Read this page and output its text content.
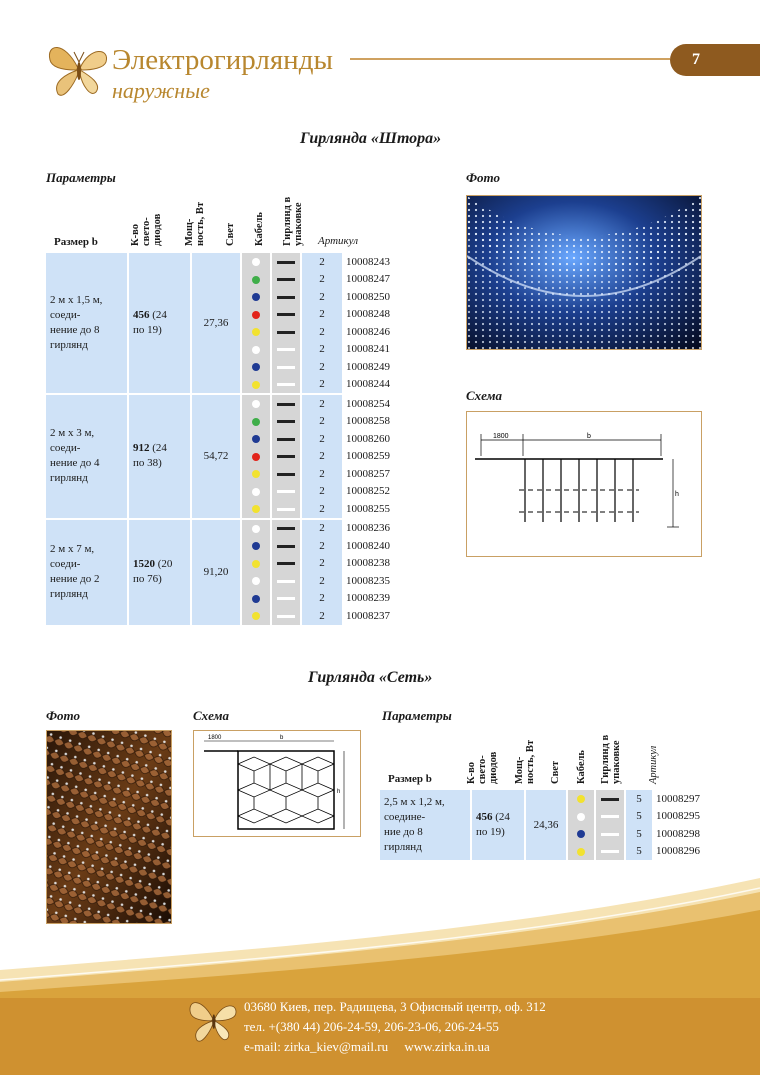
Электрогирлянды
наружные
7
Гирлянда «Штора»
Параметры
Размер b	К-во
свето-
диодов Мощ-
ность, Вт Свет Кабель Гирлянд в
упаковке Артикул
2 м х 1,5 м,
соеди-
нение до 8
гирлянд	456 (24
по 19)	27,36			2	10008243
					2	10008247
					2	10008250
					2	10008248
					2	10008246
					2	10008241
					2	10008249
					2	10008244
2 м х 3 м,
соеди-
нение до 4
гирлянд	912 (24
по 38)	54,72			2	10008254
					2	10008258
					2	10008260
					2	10008259
					2	10008257
					2	10008252
					2	10008255
2 м х 7 м,
соеди-
нение до 2
гирлянд	1520 (20
по 76)	91,20			2	10008236
					2	10008240
					2	10008238
					2	10008235
					2	10008239
					2	10008237
Фото
Схема
1800	b
h
Гирлянда «Сеть»
Фото	Схема
1800	b
h
Параметры
Размер b	К-во
свето-
диодов Мощ-
ность, Вт Свет Кабель Гирлянд в
упаковке Артикул
2,5 м х 1,2 м,
соедине-
ние до 8
гирлянд	456 (24
по 19)	24,36			5	10008297
					5	10008295
					5	10008298
					5	10008296
03680 Киев, пер. Радищева, 3 Офисный центр, оф. 312
тел. +(380 44) 206-24-59, 206-23-06, 206-24-55
e-mail: zirka_kiev@mail.ru     www.zirka.in.ua
